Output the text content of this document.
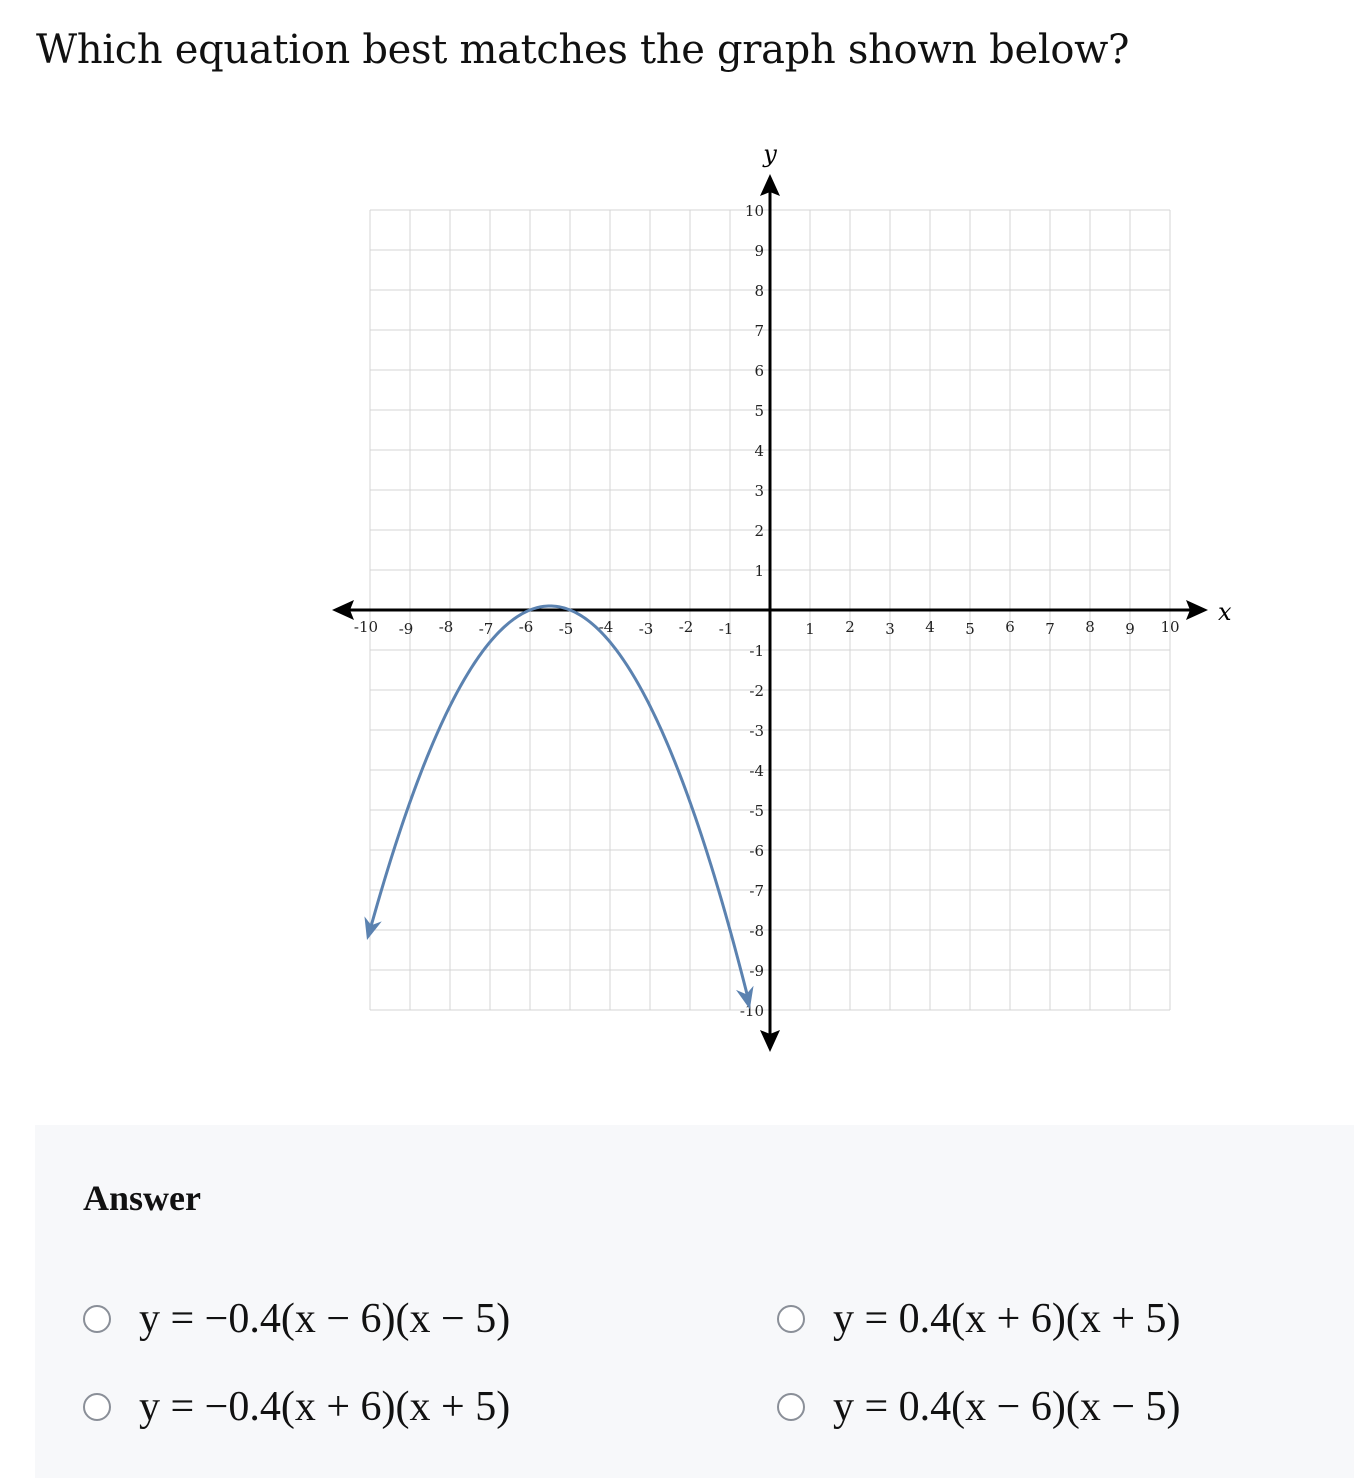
Which equation best matches the graph shown below?
x
y
-10 -9 -8 -7 -6 -5 -4 -3 -2 -1	1 2 3 4 5 6 7 8 9 10
10
9
8
7
6
5
4
3
2
1
-1
-2
-3
-4
-5
-6
-7
-8
-9
-10
Answer
y = −0.4(x − 6)(x − 5)	y = 0.4(x + 6)(x + 5)
y = −0.4(x + 6)(x + 5)	y = 0.4(x − 6)(x − 5)
